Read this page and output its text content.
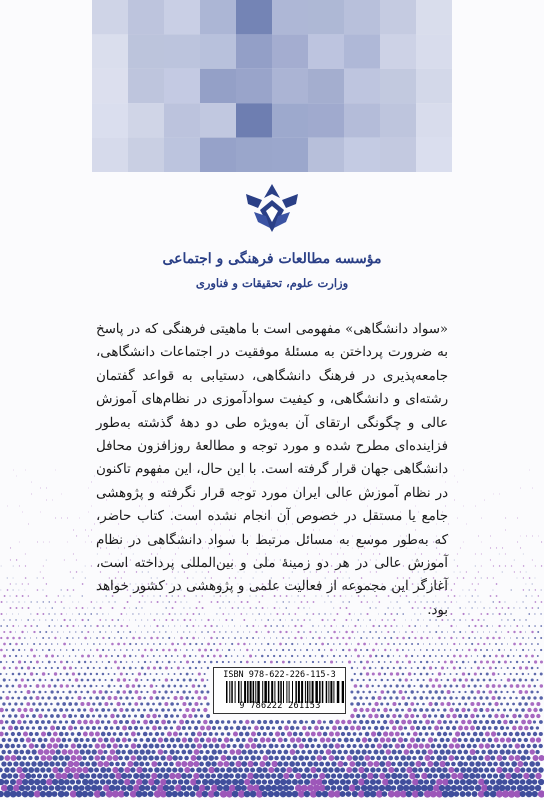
مؤسسه مطالعات فرهنگی و اجتماعی
وزارت علوم، تحقیقات و فناوری

«سواد دانشگاهی» مفهومی است با ماهیتی فرهنگی که در پاسخ به ضرورت پرداختن به مسئلهٔ موفقیت در اجتماعات دانشگاهی، جامعه‌پذیری در فرهنگ دانشگاهی، دستیابی به قواعد گفتمان رشته‌ای و دانشگاهی، و کیفیت سوادآموزی در نظام‌های آموزش عالی و چگونگی ارتقای آن به‌ویژه طی دو دههٔ گذشته به‌طور فزاینده‌ای مطرح شده و مورد توجه و مطالعهٔ روزافزون محافل دانشگاهی جهان قرار گرفته است. با این حال، این مفهوم تاکنون در نظام آموزش عالی ایران مورد توجه قرار نگرفته و پژوهشی جامع یا مستقل در خصوص آن انجام نشده است. کتاب حاضر، که به‌طور موسع به مسائل مرتبط با سواد دانشگاهی در نظام آموزش عالی در هر دو زمینهٔ ملی و بین‌المللی پرداخته است، آغازگر این مجموعه از فعالیت علمی و پژوهشی در کشور خواهد بود.

ISBN 978-622-226-115-3
9 786222 261153
